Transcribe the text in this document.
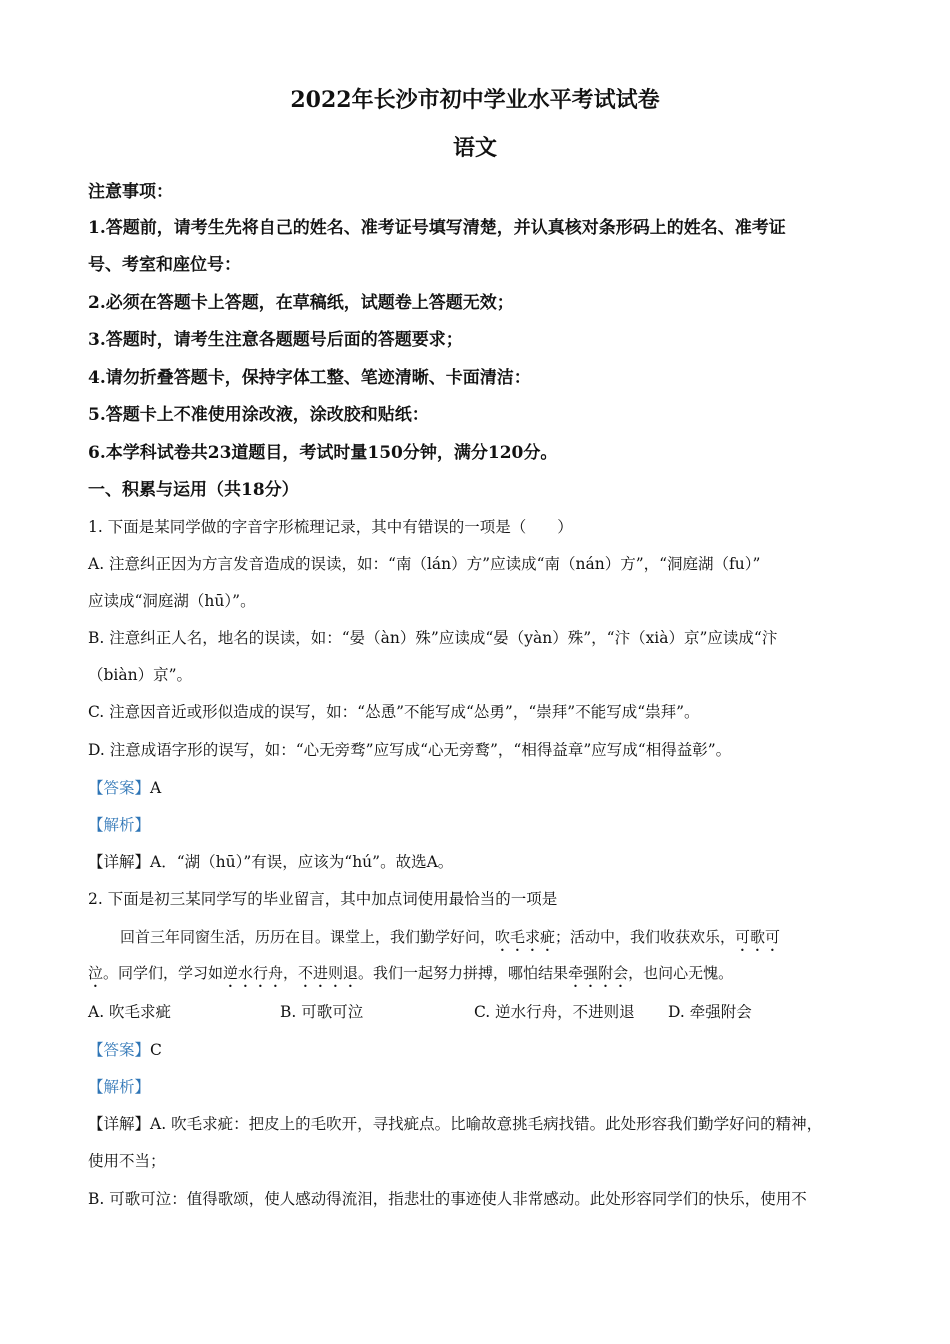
2022年长沙市初中学业水平考试试卷
语文
注意事项：
1.答题前，请考生先将自己的姓名、准考证号填写清楚，并认真核对条形码上的姓名、准考证
号、考室和座位号：
2.必须在答题卡上答题，在草稿纸，试题卷上答题无效；
3.答题时，请考生注意各题题号后面的答题要求；
4.请勿折叠答题卡，保持字体工整、笔迹清晰、卡面清洁：
5.答题卡上不准使用涂改液，涂改胶和贴纸：
6.本学科试卷共23道题目，考试时量150分钟，满分120分。
一、积累与运用（共18分）
1. 下面是某同学做的字音字形梳理记录，其中有错误的一项是（　　）
A. 注意纠正因为方言发音造成的误读，如：“南（lán）方”应读成“南（nán）方”，“洞庭湖（fu）”
应读成“洞庭湖（hū）”。
B. 注意纠正人名，地名的误读，如：“晏（àn）殊”应读成“晏（yàn）殊”，“汴（xià）京”应读成“汴
（biàn）京”。
C. 注意因音近或形似造成的误写，如：“怂恿”不能写成“怂勇”，“崇拜”不能写成“祟拜”。
D. 注意成语字形的误写，如：“心无旁骛”应写成“心无旁鹜”，“相得益章”应写成“相得益彰”。
【答案】A
【解析】
【详解】A．“湖（hū）”有误，应该为“hú”。故选A。
2. 下面是初三某同学写的毕业留言，其中加点词使用最恰当的一项是
回首三年同窗生活，历历在目。课堂上，我们勤学好问，吹毛求疵；活动中，我们收获欢乐，可歌可
泣。同学们，学习如逆水行舟，不进则退。我们一起努力拼搏，哪怕结果牵强附会，也问心无愧。
A. 吹毛求疵	B. 可歌可泣	C. 逆水行舟，不进则退 D. 牵强附会
【答案】C
【解析】
【详解】A. 吹毛求疵：把皮上的毛吹开，寻找疵点。比喻故意挑毛病找错。此处形容我们勤学好问的精神，
使用不当；
B. 可歌可泣：值得歌颂，使人感动得流泪，指悲壮的事迹使人非常感动。此处形容同学们的快乐，使用不
